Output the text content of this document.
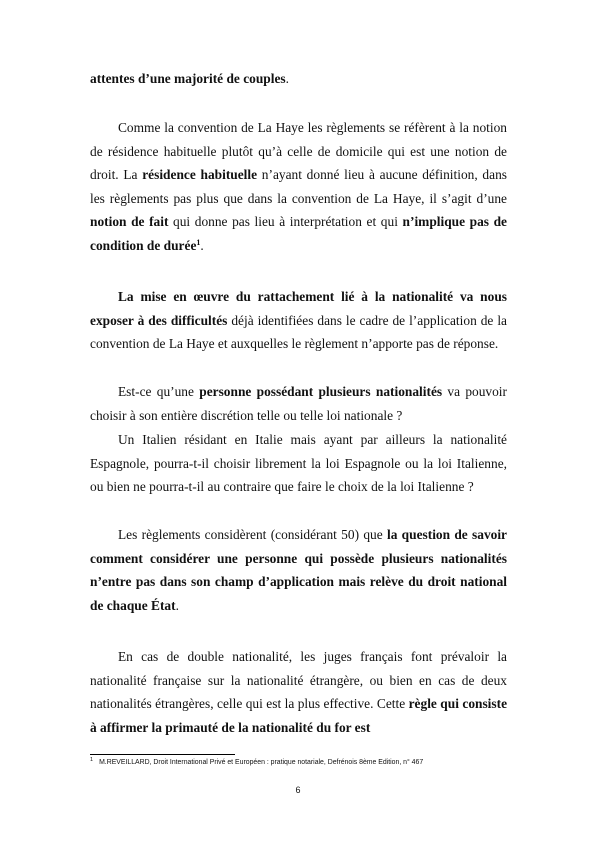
attentes d’une majorité de couples.

Comme la convention de La Haye les règlements se réfèrent à la notion de résidence habituelle plutôt qu’à celle de domicile qui est une notion de droit. La résidence habituelle n’ayant donné lieu à aucune définition, dans les règlements pas plus que dans la convention de La Haye, il s’agit d’une notion de fait qui donne pas lieu à interprétation et qui n’implique pas de condition de durée$^1$.

La mise en œuvre du rattachement lié à la nationalité va nous exposer à des difficultés déjà identifiées dans le cadre de l’application de la convention de La Haye et auxquelles le règlement n’apporte pas de réponse.

Est-ce qu’une personne possédant plusieurs nationalités va pouvoir choisir à son entière discrétion telle ou telle loi nationale ?

Un Italien résidant en Italie mais ayant par ailleurs la nationalité Espagnole, pourra-t-il choisir librement la loi Espagnole ou la loi Italienne, ou bien ne pourra-t-il au contraire que faire le choix de la loi Italienne ?

Les règlements considèrent (considérant 50) que la question de savoir comment considérer une personne qui possède plusieurs nationalités n’entre pas dans son champ d’application mais relève du droit national de chaque État.

En cas de double nationalité, les juges français font prévaloir la nationalité française sur la nationalité étrangère, ou bien en cas de deux nationalités étrangères, celle qui est la plus effective. Cette règle qui consiste à affirmer la primauté de la nationalité du for est

$^1$ M.REVEILLARD, Droit International Privé et Européen : pratique notariale, Defrénois 8ème Edition, n° 467
6
